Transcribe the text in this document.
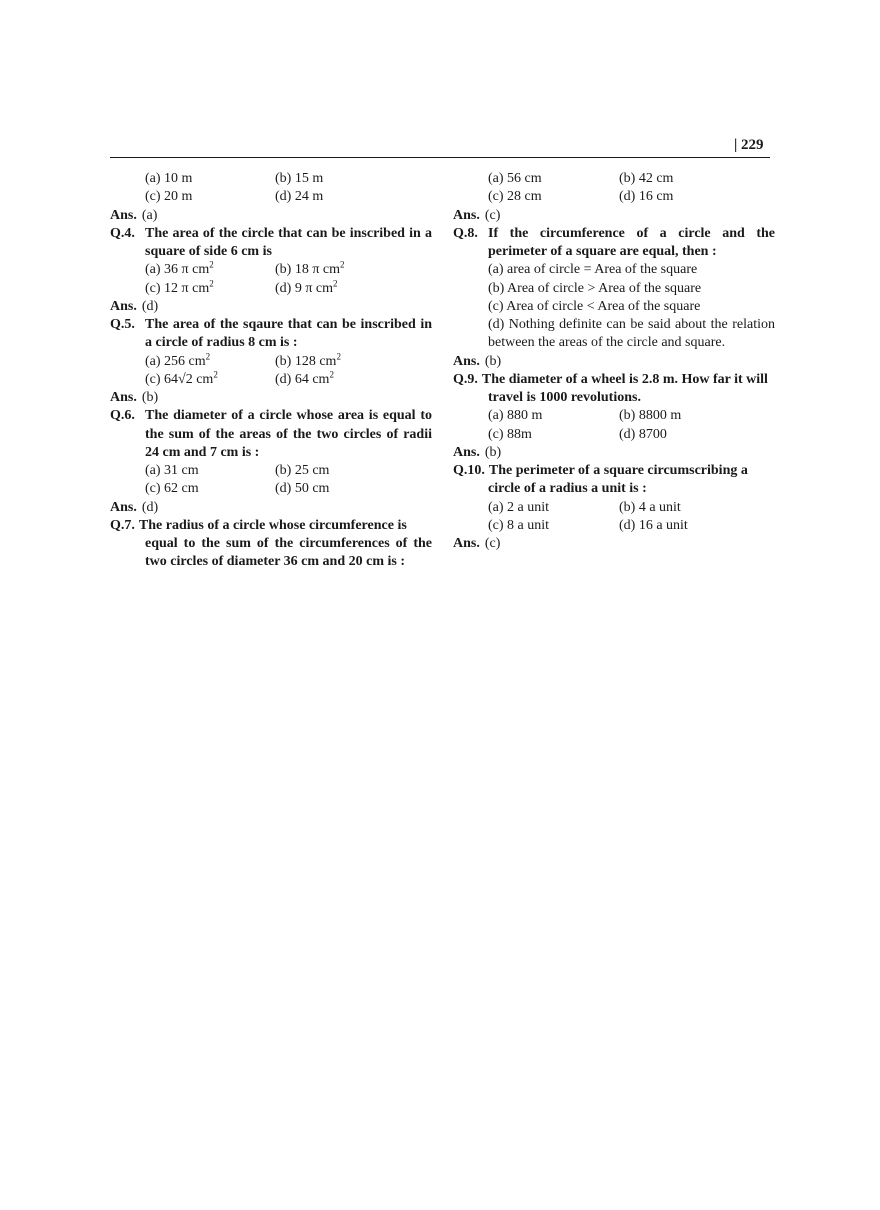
| 229
(a) 10 m	(b) 15 m
(c) 20 m	(d) 24 m
Ans. (a)
Q.4. The area of the circle that can be inscribed in a square of side 6 cm is
(a) 36 π $cm^2$	(b) 18 π $cm^2$
(c) 12 π $cm^2$	(d) 9 π $cm^2$
Ans. (d)
Q.5. The area of the sqaure that can be inscribed in a circle of radius 8 cm is :
(a) 256 $cm^2$	(b) 128 $cm^2$
(c) 64√2 $cm^2$	(d) 64 $cm^2$
Ans. (b)
Q.6. The diameter of a circle whose area is equal to the sum of the areas of the two circles of radii 24 cm and 7 cm is :
(a) 31 cm	(b) 25 cm
(c) 62 cm	(d) 50 cm
Ans. (d)
Q.7. The radius of a circle whose circumference is
equal to the sum of the circumferences of the two circles of diameter 36 cm and 20 cm is :
(a) 56 cm	(b) 42 cm
(c) 28 cm	(d) 16 cm
Ans. (c)
Q.8. If the circumference of a circle and the perimeter of a square are equal, then :
(a) area of circle = Area of the square
(b) Area of circle > Area of the square
(c) Area of circle < Area of the square
(d) Nothing definite can be said about the relation between the areas of the circle and square.
Ans. (b)
Q.9. The diameter of a wheel is 2.8 m. How far it will
travel is 1000 revolutions.
(a) 880 m	(b) 8800 m
(c) 88m	(d) 8700
Ans. (b)
Q.10. The perimeter of a square circumscribing a
circle of a radius a unit is :
(a) 2 a unit	(b) 4 a unit
(c) 8 a unit	(d) 16 a unit
Ans. (c)
